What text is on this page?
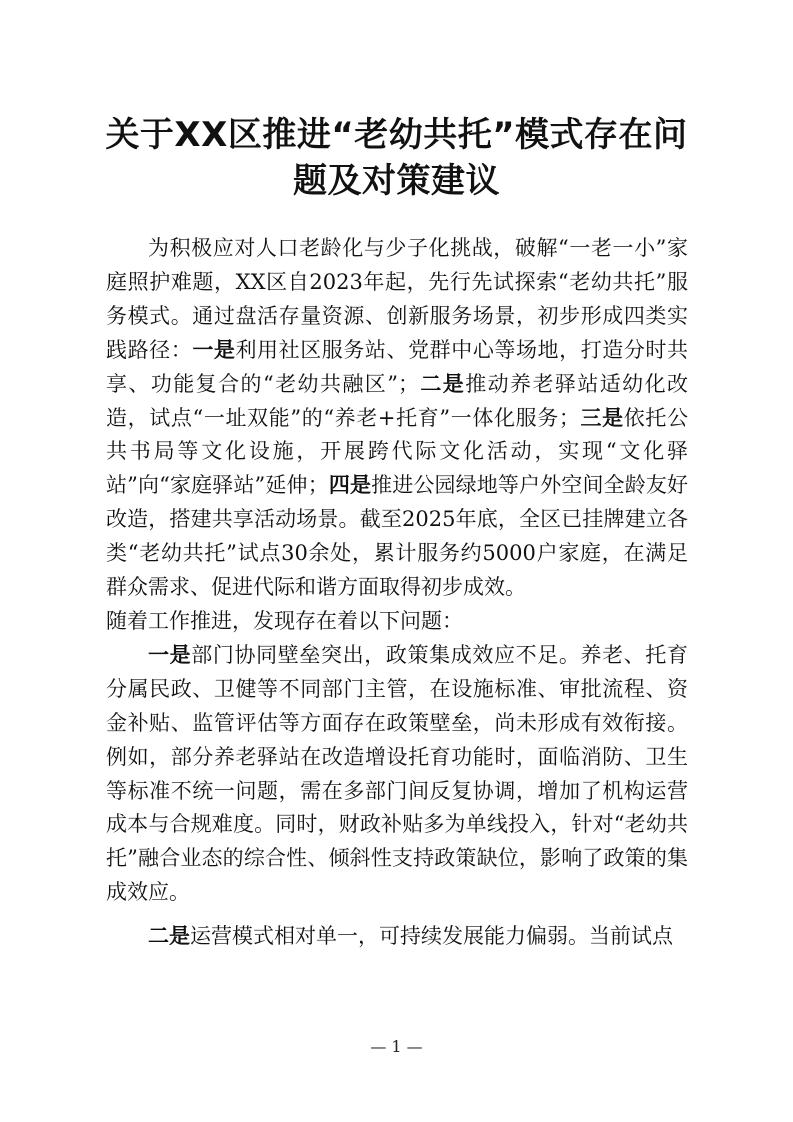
关于XX区推进“老幼共托”模式存在问题及对策建议

为积极应对人口老龄化与少子化挑战，破解“一老一小”家庭照护难题，XX区自2023年起，先行先试探索“老幼共托”服务模式。通过盘活存量资源、创新服务场景，初步形成四类实践路径：一是利用社区服务站、党群中心等场地，打造分时共享、功能复合的“老幼共融区”；二是推动养老驿站适幼化改造，试点“一址双能”的“养老+托育”一体化服务；三是依托公共书局等文化设施，开展跨代际文化活动，实现“文化驿站”向“家庭驿站”延伸；四是推进公园绿地等户外空间全龄友好改造，搭建共享活动场景。截至2025年底，全区已挂牌建立各类“老幼共托”试点30余处，累计服务约5000户家庭，在满足群众需求、促进代际和谐方面取得初步成效。

随着工作推进，发现存在着以下问题：

一是部门协同壁垒突出，政策集成效应不足。养老、托育分属民政、卫健等不同部门主管，在设施标准、审批流程、资金补贴、监管评估等方面存在政策壁垒，尚未形成有效衔接。例如，部分养老驿站在改造增设托育功能时，面临消防、卫生等标准不统一问题，需在多部门间反复协调，增加了机构运营成本与合规难度。同时，财政补贴多为单线投入，针对“老幼共托”融合业态的综合性、倾斜性支持政策缺位，影响了政策的集成效应。

二是运营模式相对单一，可持续发展能力偏弱。当前试点

— 1 —
